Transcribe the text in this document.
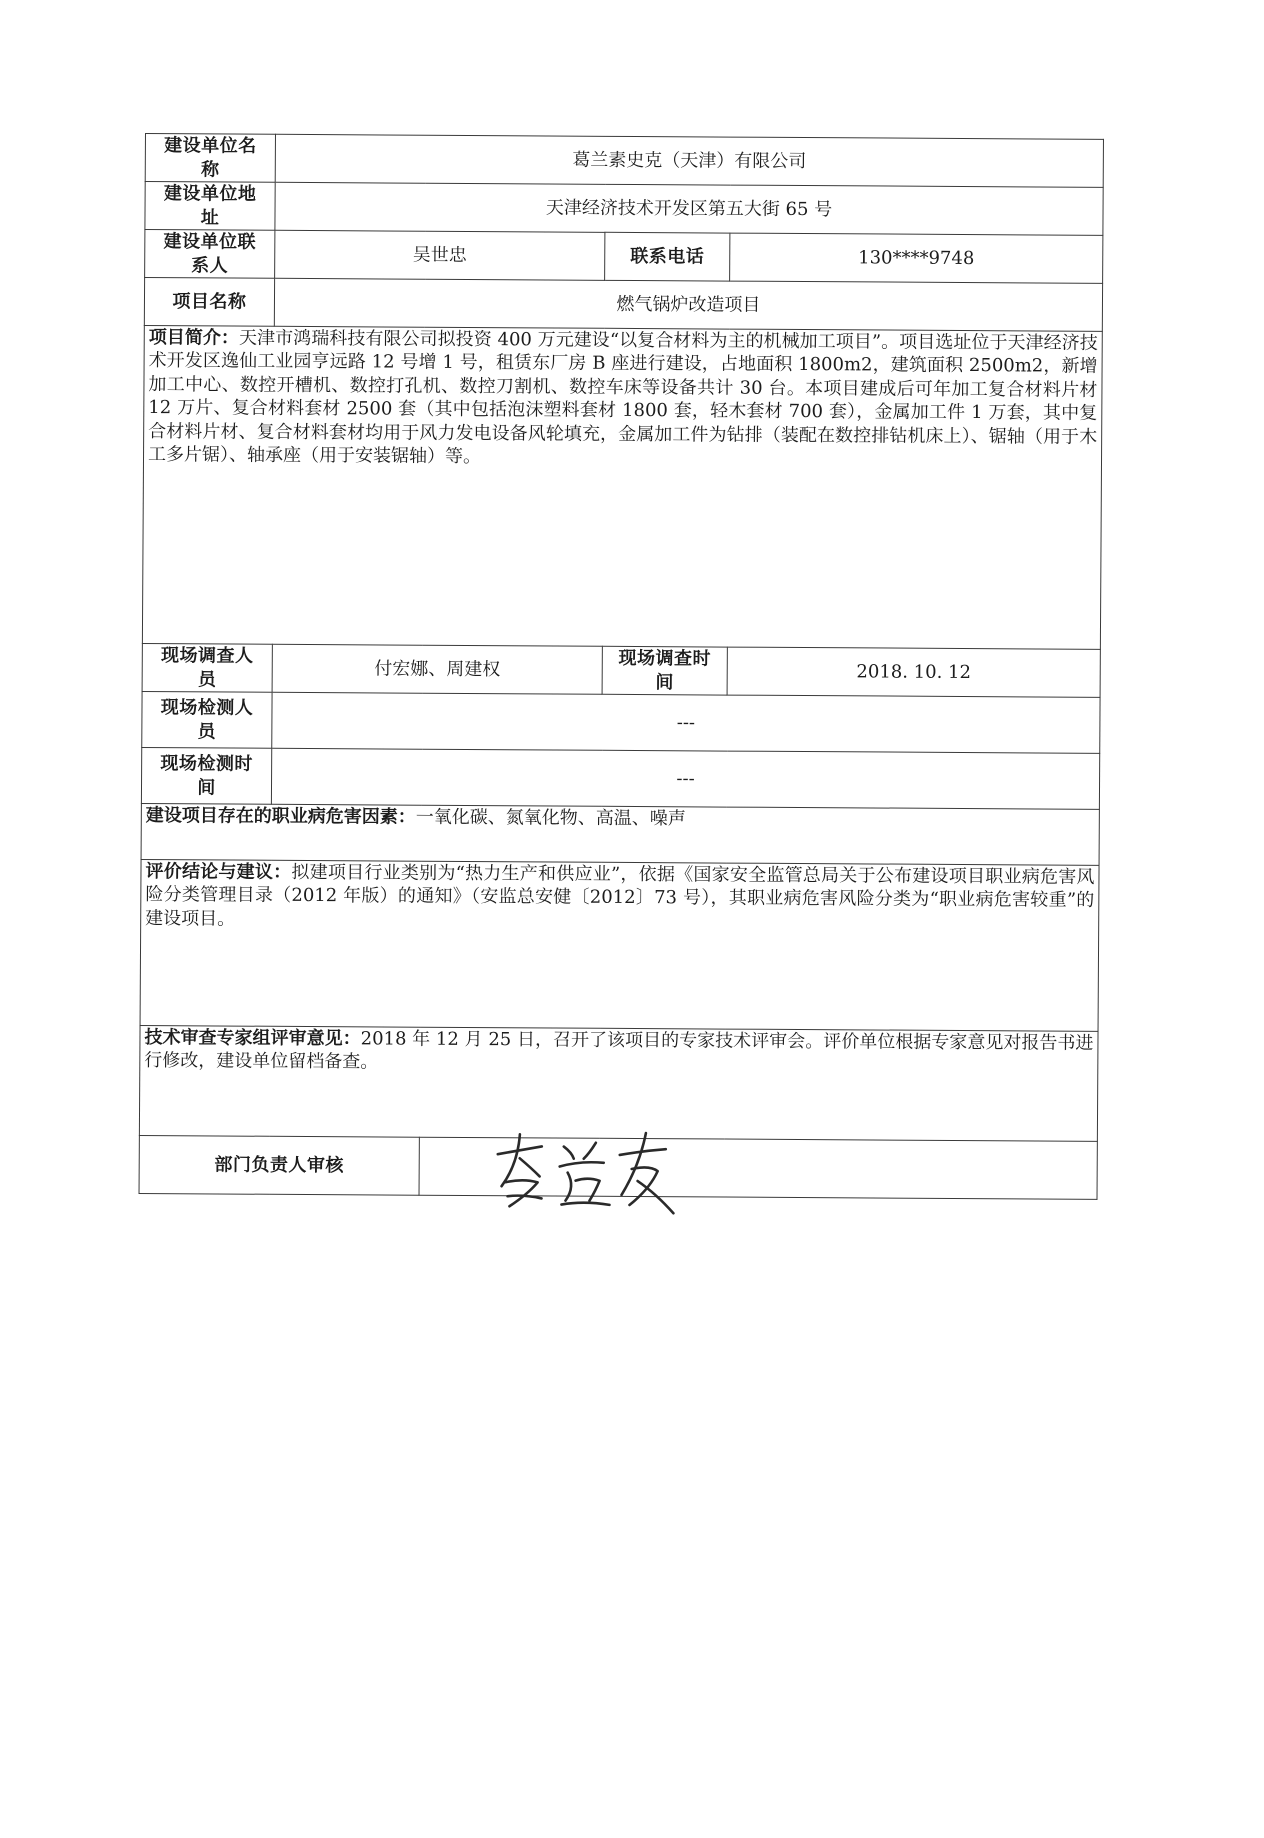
建设单位名称	葛兰素史克（天津）有限公司			
建设单位地址	天津经济技术开发区第五大街 65 号			
建设单位联系人	吴世忠		联系电话	130****9748
项目名称	燃气锅炉改造项目			
项目简介：天津市鸿瑞科技有限公司拟投资 400 万元建设“以复合材料为主的机械加工项目”。项目选址位于天津经济技术开发区逸仙工业园亨远路 12 号增 1 号，租赁东厂房 B 座进行建设，占地面积 1800m2，建筑面积 2500m2，新增加工中心、数控开槽机、数控打孔机、数控刀割机、数控车床等设备共计 30 台。本项目建成后可年加工复合材料片材 12 万片、复合材料套材 2500 套（其中包括泡沫塑料套材 1800 套，轻木套材 700 套），金属加工件 1 万套，其中复合材料片材、复合材料套材均用于风力发电设备风轮填充，金属加工件为钻排（装配在数控排钻机床上）、锯轴（用于木工多片锯）、轴承座（用于安装锯轴）等。				
现场调查人员	付宏娜、周建权		现场调查时间	2018. 10. 12
现场检测人员	---			
现场检测时间	---			
建设项目存在的职业病危害因素：一氧化碳、氮氧化物、高温、噪声				
评价结论与建议：拟建项目行业类别为“热力生产和供应业”，依据《国家安全监管总局关于公布建设项目职业病危害风险分类管理目录（2012 年版）的通知》（安监总安健〔2012〕73 号），其职业病危害风险分类为“职业病危害较重”的建设项目。				
技术审查专家组评审意见：2018 年 12 月 25 日，召开了该项目的专家技术评审会。评价单位根据专家意见对报告书进行修改，建设单位留档备查。				
部门负责人审核	
